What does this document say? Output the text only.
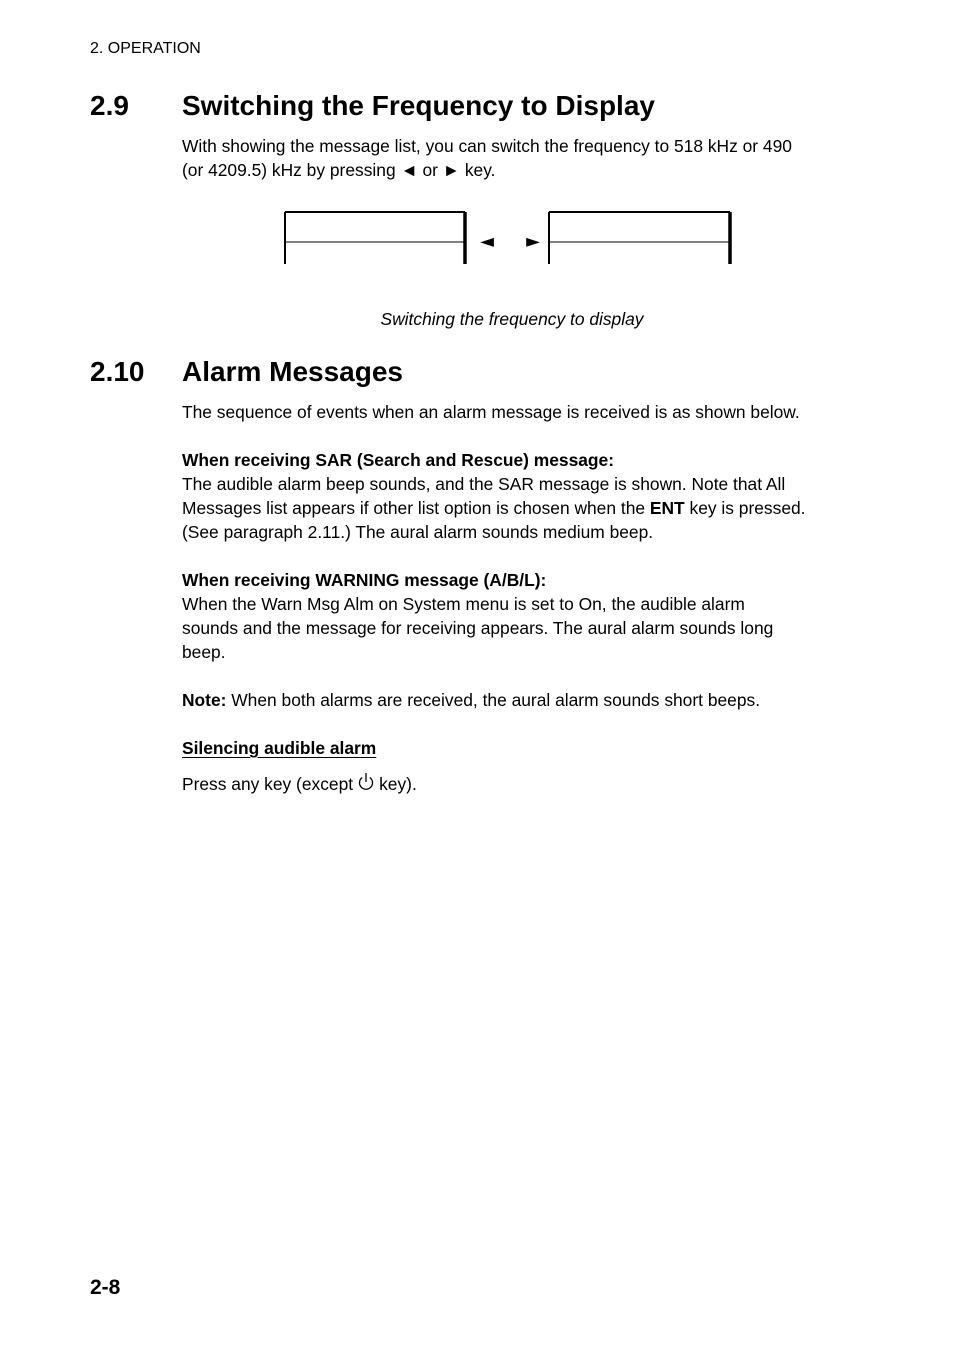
2. OPERATION
2.9 Switching the Frequency to Display

With showing the message list, you can switch the frequency to 518 kHz or 490
(or 4209.5) kHz by pressing ◄ or ► key.

◄ ►
Switching the frequency to display
2.10 Alarm Messages

The sequence of events when an alarm message is received is as shown below.

When receiving SAR (Search and Rescue) message:
The audible alarm beep sounds, and the SAR message is shown. Note that All
Messages list appears if other list option is chosen when the ENT key is pressed.
(See paragraph 2.11.) The aural alarm sounds medium beep.

When receiving WARNING message (A/B/L):
When the Warn Msg Alm on System menu is set to On, the audible alarm
sounds and the message for receiving appears. The aural alarm sounds long
beep.

Note: When both alarms are received, the aural alarm sounds short beeps.

Silencing audible alarm

Press any key (except key).

2-8
